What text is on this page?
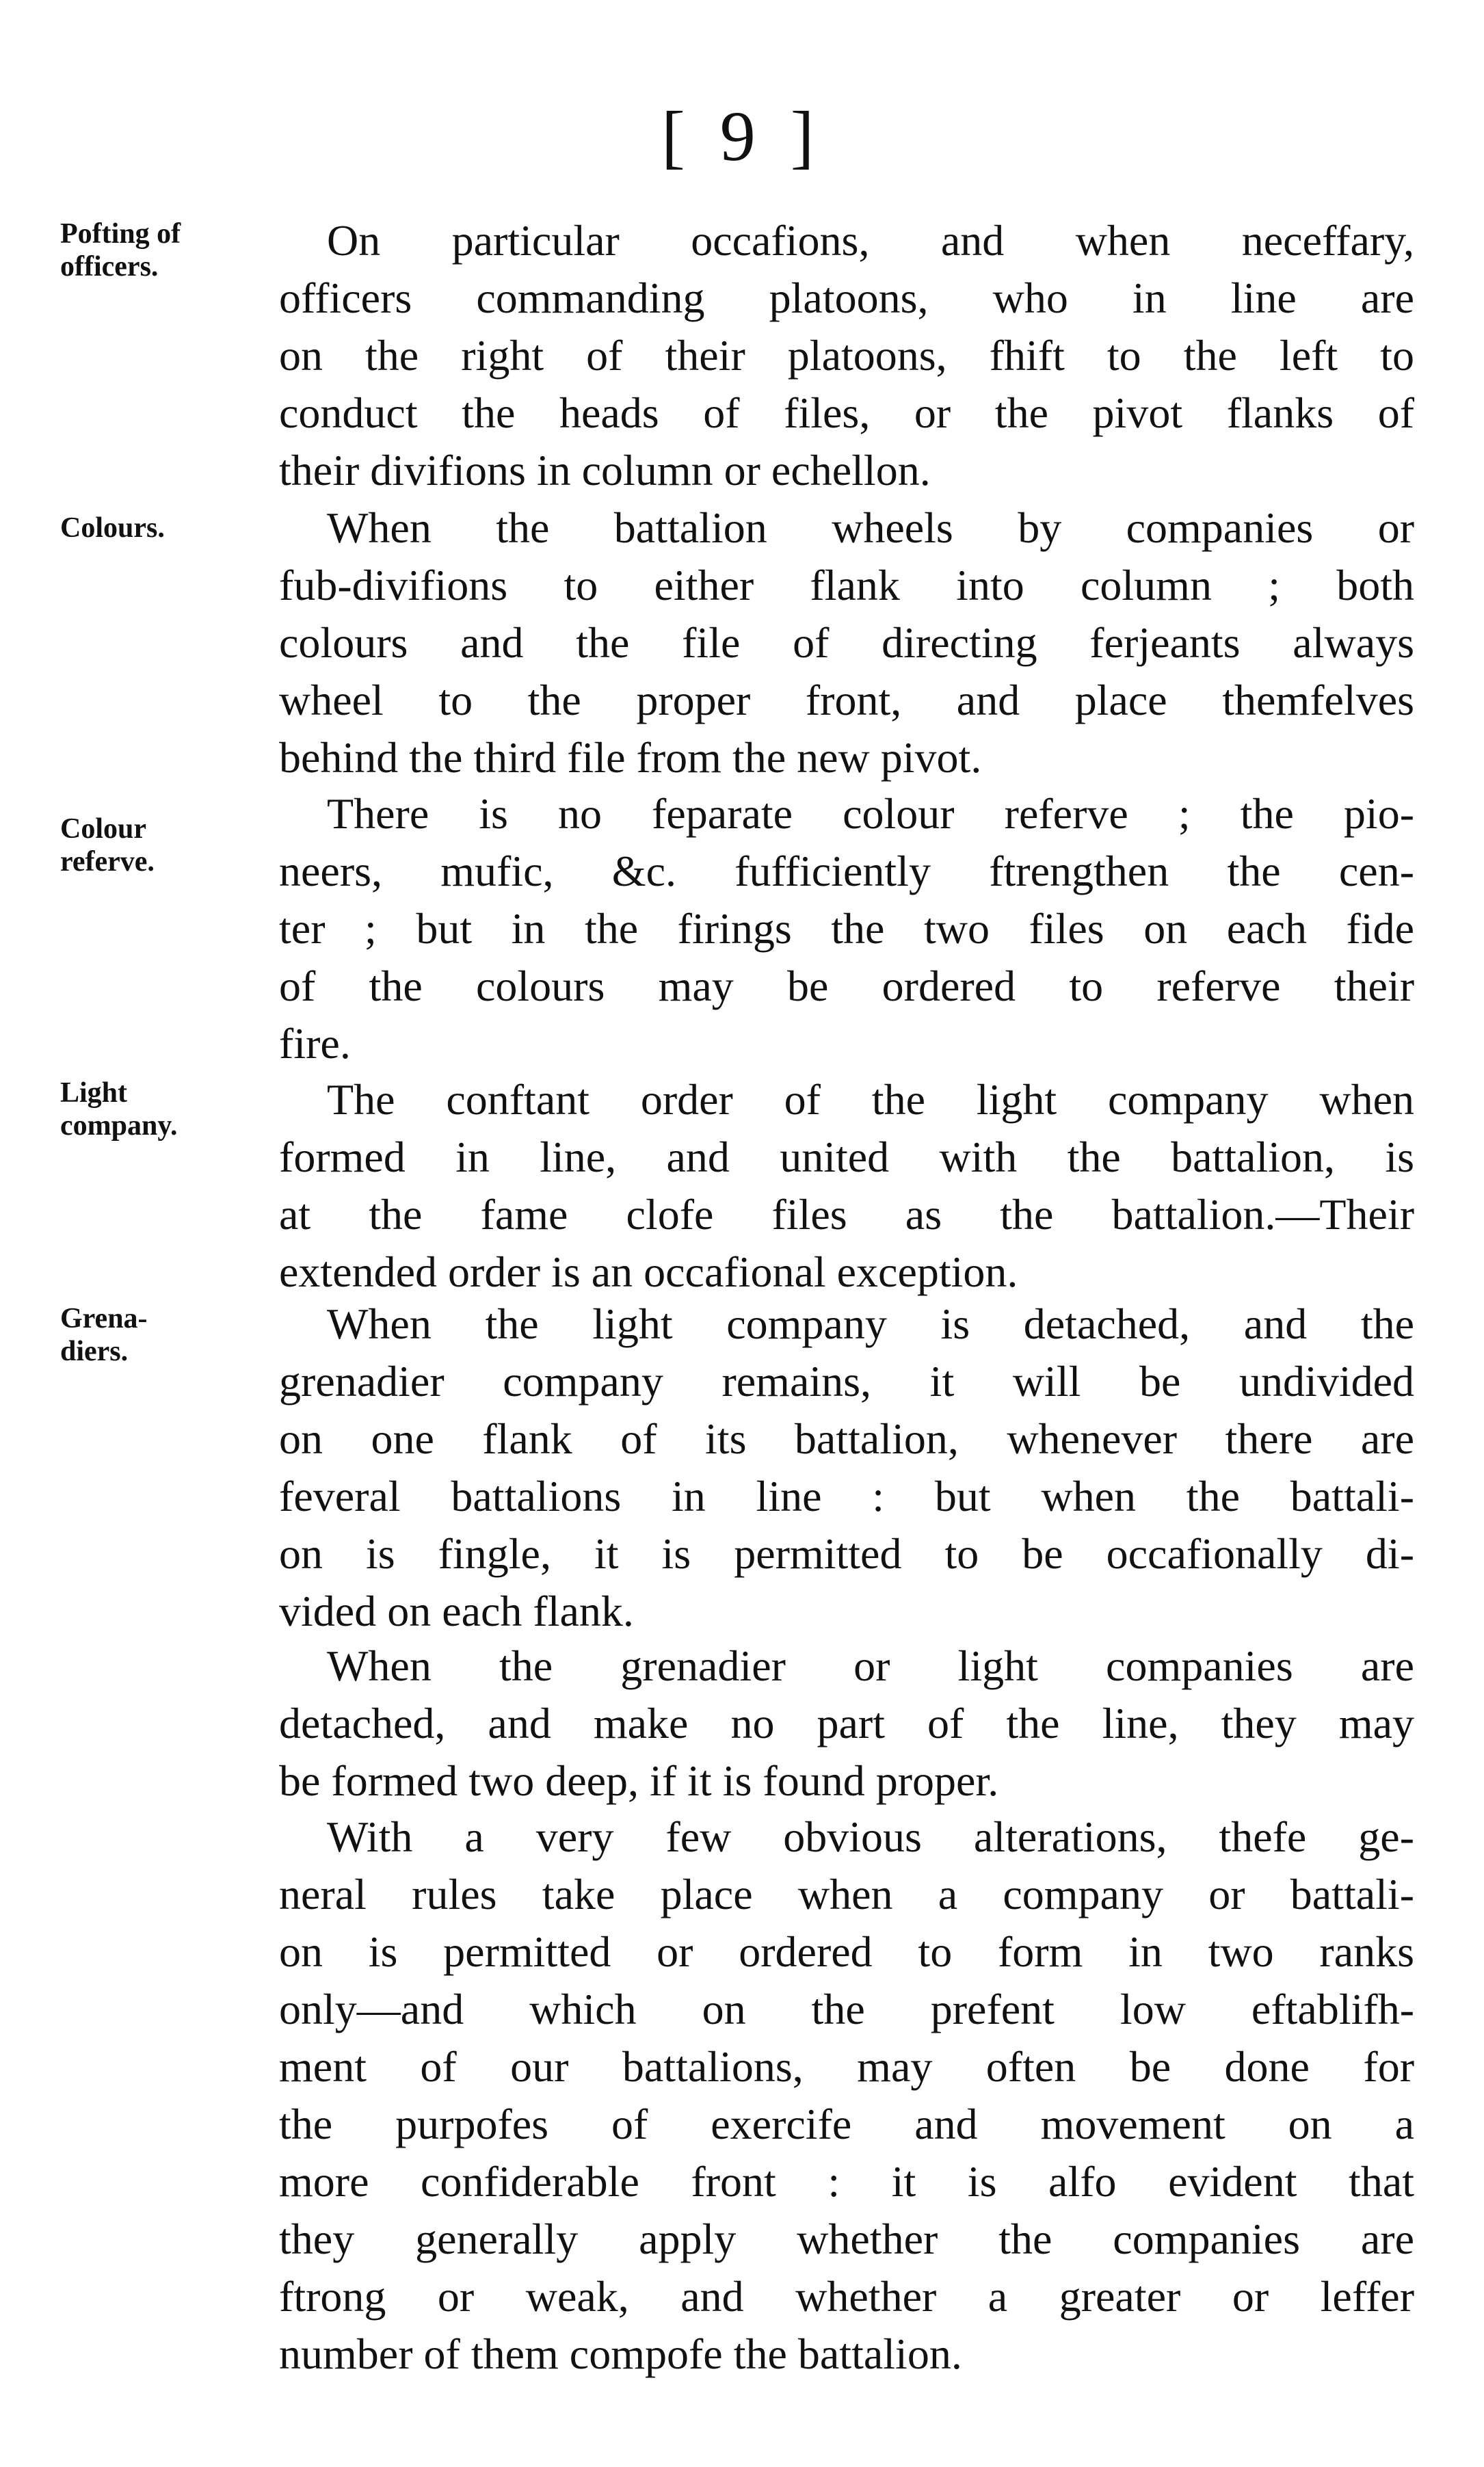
[ 9 ]
Pofting of
officers.
On particular occafions, and when neceffary,
officers commanding platoons, who in line are
on the right of their platoons, fhift to the left to
conduct the heads of files, or the pivot flanks of
their divifions in column or echellon.
Colours.	When the battalion wheels by companies or
fub-divifions to either flank into column ; both
colours and the file of directing ferjeants always
wheel to the proper front, and place themfelves
behind the third file from the new pivot.
Colour
referve.
There is no feparate colour referve ; the pio-
neers, mufic, &c. fufficiently ftrengthen the cen-
ter ; but in the firings the two files on each fide
of the colours may be ordered to referve their
fire.
Light
company.
The conftant order of the light company when
formed in line, and united with the battalion, is
at the fame clofe files as the battalion.—Their
extended order is an occafional exception.
Grena-
diers.
When the light company is detached, and the
grenadier company remains, it will be undivided
on one flank of its battalion, whenever there are
feveral battalions in line : but when the battali-
on is fingle, it is permitted to be occafionally di-
vided on each flank.
When the grenadier or light companies are
detached, and make no part of the line, they may
be formed two deep, if it is found proper.
With a very few obvious alterations, thefe ge-
neral rules take place when a company or battali-
on is permitted or ordered to form in two ranks
only—and which on the prefent low eftablifh-
ment of our battalions, may often be done for
the purpofes of exercife and movement on a
more confiderable front : it is alfo evident that
they generally apply whether the companies are
ftrong or weak, and whether a greater or leffer
number of them compofe the battalion.
